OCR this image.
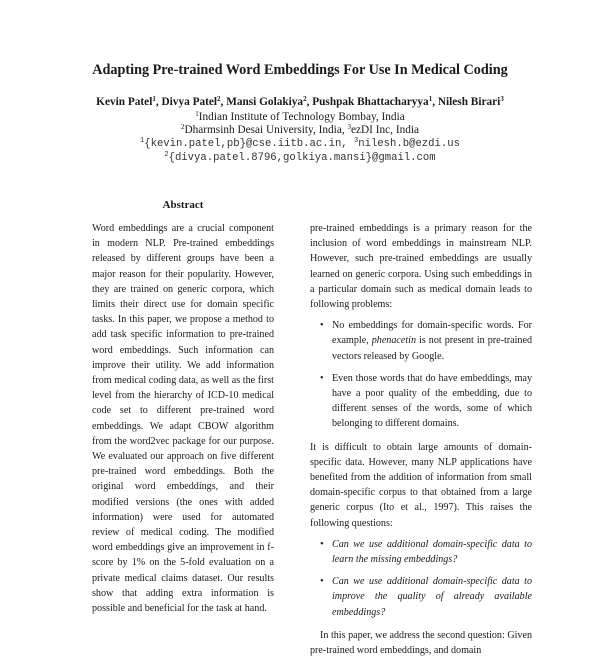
Adapting Pre-trained Word Embeddings For Use In Medical Coding
Kevin Patel$^1$, Divya Patel$^2$, Mansi Golakiya$^2$, Pushpak Bhattacharyya$^1$, Nilesh Birari$^3$
$^1$Indian Institute of Technology Bombay, India
$^2$Dharmsinh Desai University, India, $^3$ezDI Inc, India
$^1${kevin.patel,pb}@cse.iitb.ac.in, $^3$nilesh.b@ezdi.us
$^2${divya.patel.8796,golkiya.mansi}@gmail.com
Abstract

Word embeddings are a crucial component in modern NLP. Pre-trained embeddings released by different groups have been a major reason for their popularity. However, they are trained on generic corpora, which limits their direct use for domain specific tasks. In this paper, we propose a method to add task specific information to pre-trained word embeddings. Such information can improve their utility. We add information from medical coding data, as well as the first level from the hierarchy of ICD-10 medical code set to different pre-trained word embeddings. We adapt CBOW algorithm from the word2vec package for our purpose. We evaluated our approach on five different pre-trained word embeddings. Both the original word embeddings, and their modified versions (the ones with added information) were used for automated review of medical coding. The modified word embeddings give an improvement in f-score by 1% on the 5-fold evaluation on a private medical claims dataset. Our results show that adding extra information is possible and beneficial for the task at hand.

pre-trained embeddings is a primary reason for the inclusion of word embeddings in mainstream NLP. However, such pre-trained embeddings are usually learned on generic corpora. Using such embeddings in a particular domain such as medical domain leads to following problems:

• No embeddings for domain-specific words. For example, phenacetin is not present in pre-trained vectors released by Google.
• Even those words that do have embeddings, may have a poor quality of the embedding, due to different senses of the words, some of which belonging to different domains.

It is difficult to obtain large amounts of domain-specific data. However, many NLP applications have benefited from the addition of information from small domain-specific corpus to that obtained from a large generic corpus (Ito et al., 1997). This raises the following questions:

• Can we use additional domain-specific data to learn the missing embeddings?
• Can we use additional domain-specific data to improve the quality of already available embeddings?

In this paper, we address the second question: Given pre-trained word embeddings, and domain
